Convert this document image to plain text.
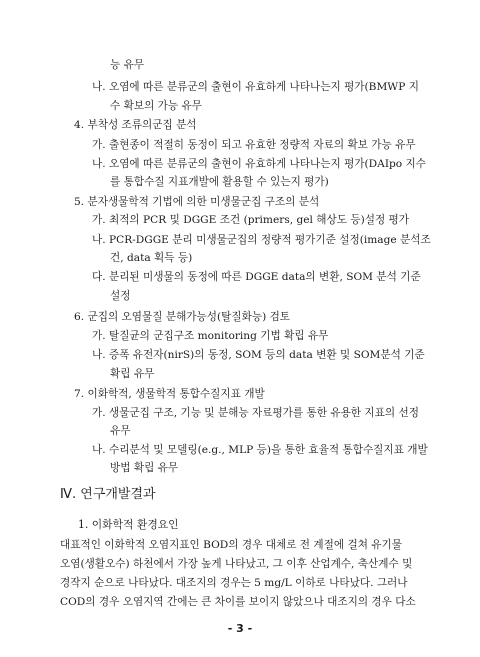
능 유무
나. 오염에 따른 분류군의 출현이 유효하게 나타나는지 평가(BMWP 지
수 확보의 가능 유무
4. 부착성 조류의군집 분석
가. 출현종이 적절히 동정이 되고 유효한 정량적 자료의 확보 가능 유무
나. 오염에 따른 분류군의 출현이 유효하게 나타나는지 평가(DAIpo 지수
를 통합수질 지표개발에 활용할 수 있는지 평가)
5. 분자생물학적 기법에 의한 미생물군집 구조의 분석
가. 최적의 PCR 및 DGGE 조건 (primers, gel 해상도 등)설정 평가
나. PCR-DGGE 분리 미생물군집의 정량적 평가기준 설정(image 분석조
건, data 획득 등)
다. 분리된 미생물의 동정에 따른 DGGE data의 변환, SOM 분석 기준
설정
6. 군집의 오염물질 분해가능성(탈질화능) 검토
가. 탈질균의 군집구조 monitoring 기법 확립 유무
나. 증폭 유전자(nirS)의 동정, SOM 등의 data 변환 및 SOM분석 기준
확립 유무
7. 이화학적, 생물학적 통합수질지표 개발
가. 생물군집 구조, 기능 및 분해능 자료평가를 통한 유용한 지표의 선정
유무
나. 수리분석 및 모델링(e.g., MLP 등)을 통한 효율적 통합수질지표 개발
방법 확립 유무
Ⅳ. 연구개발결과
1. 이화학적 환경요인
대표적인 이화학적 오염지표인 BOD의 경우 대체로 전 계절에 걸쳐 유기물
오염(생활오수) 하천에서 가장 높게 나타났고, 그 이후 산업계수, 축산계수 및
경작지 순으로 나타났다. 대조지의 경우는 5 mg/L 이하로 나타났다. 그러나
COD의 경우 오염지역 간에는 큰 차이를 보이지 않았으나 대조지의 경우 다소
- 3 -
